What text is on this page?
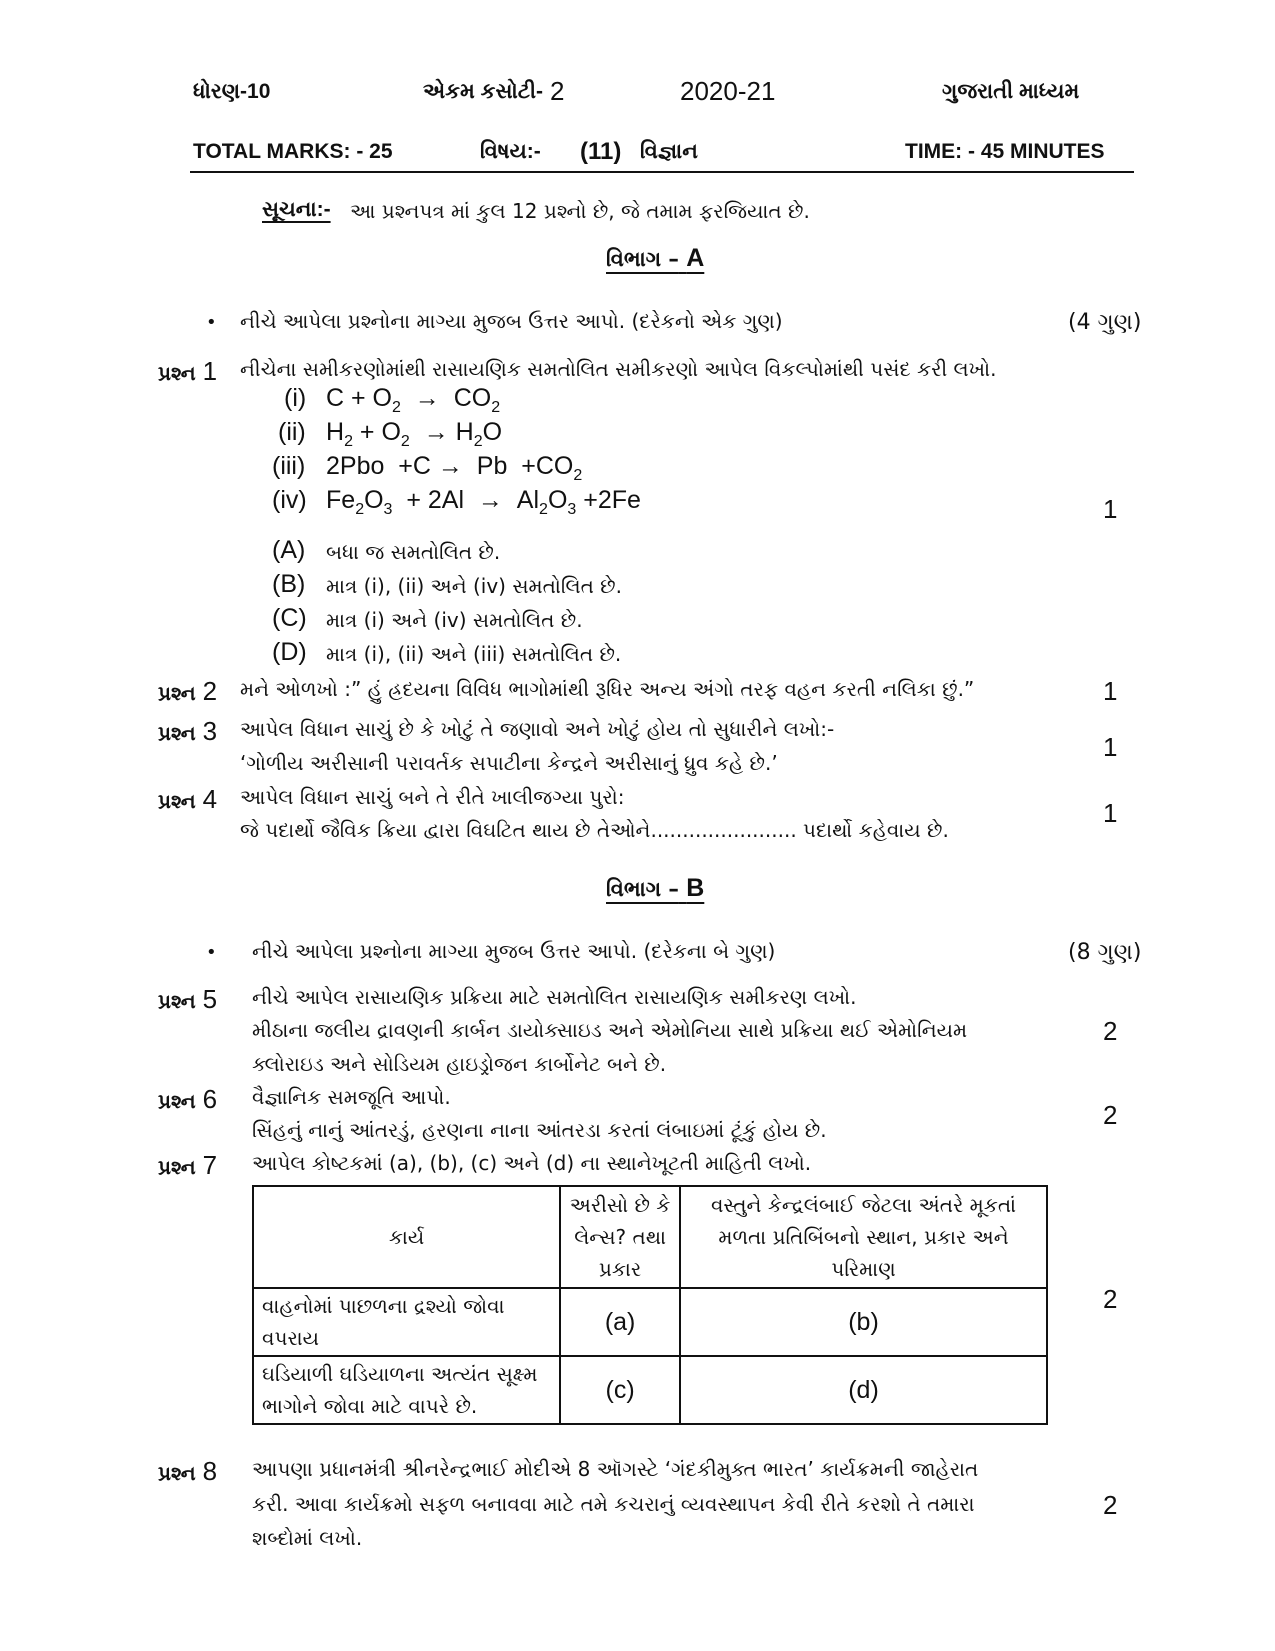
ધોરણ-10	એકમ કસોટી- 2	2020-21	ગુજરાતી માધ્યમ
TOTAL MARKS: - 25	વિષય:- (11) વિજ્ઞાન	TIME: - 45 MINUTES
સૂચના:- આ પ્રશ્નપત્ર માં કુલ 12 પ્રશ્નો છે, જે તમામ ફરજિયાત છે.
વિભાગ – A
• નીચે આપેલા પ્રશ્નોના માગ્યા મુજબ ઉત્તર આપો. (દરેકનો એક ગુણ)	(4 ગુણ)
પ્રશ્ન 1 નીચેના સમીકરણોમાંથી રાસાયણિક સમતોલિત સમીકરણો આપેલ વિકલ્પોમાંથી પસંદ કરી લખો.
(i) $C + O_2 \to CO_2$
(ii) $H_2 + O_2 \to H_2O$
(iii) $2Pbo +C \to Pb +CO_2$
(iv) $Fe_2O_3 + 2Al \to Al_2O_3 +2Fe$	1
(A) બધા જ સમતોલિત છે.
(B) માત્ર (i), (ii) અને (iv) સમતોલિત છે.
(C) માત્ર (i) અને (iv) સમતોલિત છે.
(D) માત્ર (i), (ii) અને (iii) સમતોલિત છે.
પ્રશ્ન 2 મને ઓળખો :” હું હ્રદયના વિવિધ ભાગોમાંથી રૂધિર અન્ય અંગો તરફ વહન કરતી નલિકા છું.”	1
પ્રશ્ન 3 આપેલ વિધાન સાચું છે કે ખોટું તે જણાવો અને ખોટું હોય તો સુધારીને લખો:-
‘ગોળીય અરીસાની પરાવર્તક સપાટીના કેન્દ્રને અરીસાનું ધ્રુવ કહે છે.’
1
પ્રશ્ન 4 આપેલ વિધાન સાચું બને તે રીતે ખાલીજગ્યા પુરો:
જે પદાર્થો જૈવિક ક્રિયા દ્વારા વિઘટિત થાય છે તેઓને....................... પદાર્થો કહેવાય છે.
1
વિભાગ – B
• નીચે આપેલા પ્રશ્નોના માગ્યા મુજબ ઉત્તર આપો. (દરેકના બે ગુણ)	(8 ગુણ)
પ્રશ્ન 5 નીચે આપેલ રાસાયણિક પ્રક્રિયા માટે સમતોલિત રાસાયણિક સમીકરણ લખો.
મીઠાના જલીય દ્રાવણની કાર્બન ડાયોક્સાઇડ અને એમોનિયા સાથે પ્રક્રિયા થઈ એમોનિયમ
ક્લોરાઇડ અને સોડિયમ હાઇડ્રોજન કાર્બોનેટ બને છે.
2
પ્રશ્ન 6 વૈજ્ઞાનિક સમજૂતિ આપો.
સિંહનું નાનું આંતરડું, હરણના નાના આંતરડા કરતાં લંબાઇમાં ટૂંકું હોય છે.	2
પ્રશ્ન 7 આપેલ કોષ્ટકમાં (a), (b), (c) અને (d) ના સ્થાનેખૂટતી માહિતી લખો.
કાર્ય	અરીસો છે કે લેન્સ? તથા પ્રકાર	વસ્તુને કેન્દ્રલંબાઈ જેટલા અંતરે મૂકતાં મળતા પ્રતિબિંબનો સ્થાન, પ્રકાર અને પરિમાણ
વાહનોમાં પાછળના દ્રશ્યો જોવા વપરાય	(a)	(b)
ઘડિયાળી ઘડિયાળના અત્યંત સૂક્ષ્મ ભાગોને જોવા માટે વાપરે છે.	(c)	(d)
2
પ્રશ્ન 8 આપણા પ્રધાનમંત્રી શ્રીનરેન્દ્રભાઈ મોદીએ 8 ઑગસ્ટે ‘ગંદકીમુક્ત ભારત’ કાર્યક્રમની જાહેરાત
કરી. આવા કાર્યક્રમો સફળ બનાવવા માટે તમે કચરાનું વ્યવસ્થાપન કેવી રીતે કરશો તે તમારા
શબ્દોમાં લખો.
2
